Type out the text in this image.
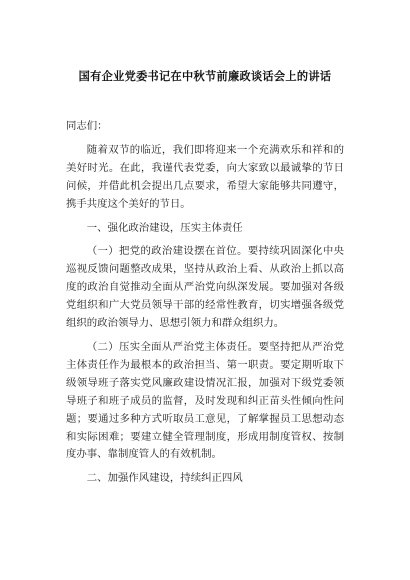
国有企业党委书记在中秋节前廉政谈话会上的讲话

同志们：

随着双节的临近，我们即将迎来一个充满欢乐和祥和的美好时光。在此，我谨代表党委，向大家致以最诚挚的节日问候，并借此机会提出几点要求，希望大家能够共同遵守，携手共度这个美好的节日。

一、强化政治建设，压实主体责任

（一）把党的政治建设摆在首位。要持续巩固深化中央巡视反馈问题整改成果，坚持从政治上看、从政治上抓以高度的政治自觉推动全面从严治党向纵深发展。要加强对各级党组织和广大党员领导干部的经常性教育，切实增强各级党组织的政治领导力、思想引领力和群众组织力。

（二）压实全面从严治党主体责任。要坚持把从严治党主体责任作为最根本的政治担当、第一职责。要定期听取下级领导班子落实党风廉政建设情况汇报，加强对下级党委领导班子和班子成员的监督，及时发现和纠正苗头性倾向性问题；要通过多种方式听取员工意见，了解掌握员工思想动态和实际困难；要建立健全管理制度，形成用制度管权、按制度办事、靠制度管人的有效机制。

二、加强作风建设，持续纠正四风
